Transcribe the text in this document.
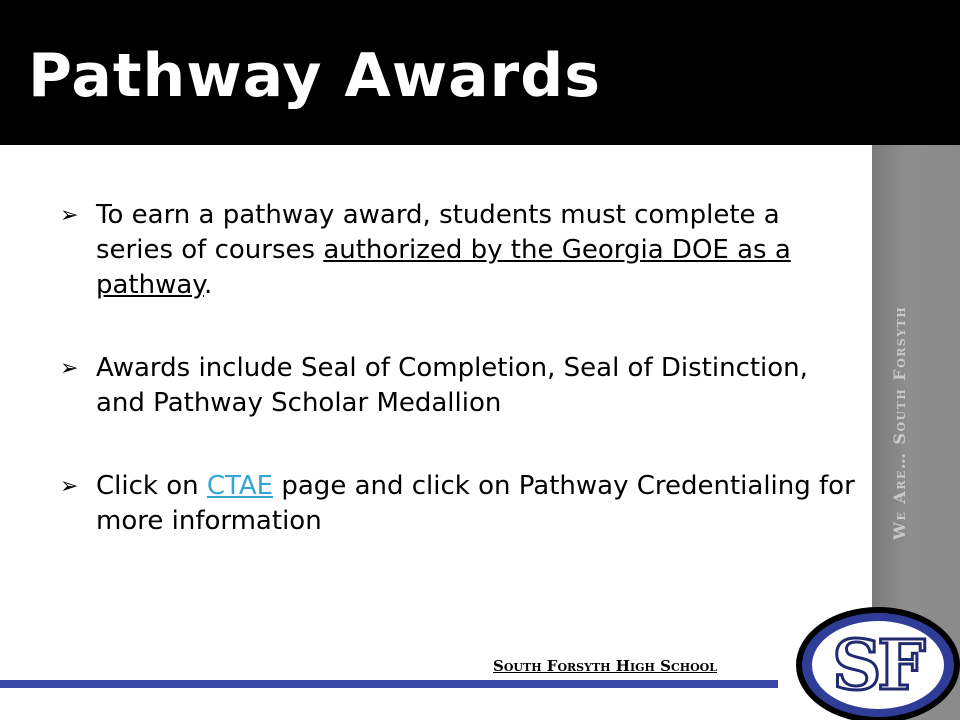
Pathway Awards
We Are… South Forsyth
➢ To earn a pathway award, students must complete a series of courses authorized by the Georgia DOE as a pathway.
➢ Awards include Seal of Completion, Seal of Distinction, and Pathway Scholar Medallion
➢ Click on CTAE page and click on Pathway Credentialing for more information
South Forsyth High School SF
